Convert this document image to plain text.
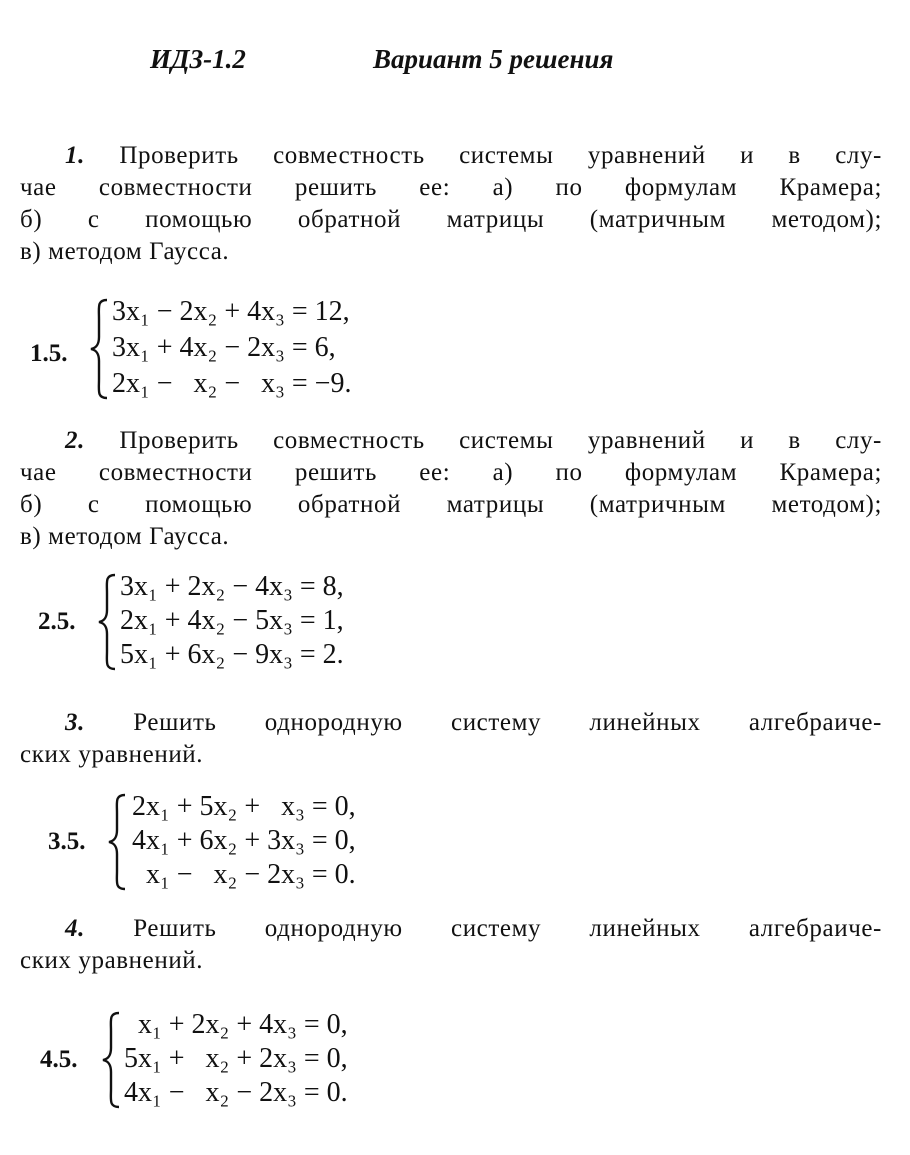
ИДЗ-1.2	Вариант 5 решения
1. Проверить совместность системы уравнений и в слу-
чае совместности решить ее: а) по формулам Крамера;
б) с помощью обратной матрицы (матричным методом);
в) методом Гаусса.
1.5.
3x₁ − 2x₂ + 4x₃ = 12,
3x₁ + 4x₂ − 2x₃ = 6,
2x₁ −   x₂ −   x₃ = −9.
2. Проверить совместность системы уравнений и в слу-
чае совместности решить ее: а) по формулам Крамера;
б) с помощью обратной матрицы (матричным методом);
в) методом Гаусса.
2.5.
3x₁ + 2x₂ − 4x₃ = 8,
2x₁ + 4x₂ − 5x₃ = 1,
5x₁ + 6x₂ − 9x₃ = 2.
3. Решить однородную систему линейных алгебраиче-
ских уравнений.
3.5.
2x₁ + 5x₂ +   x₃ = 0,
4x₁ + 6x₂ + 3x₃ = 0,
x₁ −   x₂ − 2x₃ = 0.
4. Решить однородную систему линейных алгебраиче-
ских уравнений.
4.5.
x₁ + 2x₂ + 4x₃ = 0,
5x₁ +   x₂ + 2x₃ = 0,
4x₁ −   x₂ − 2x₃ = 0.
